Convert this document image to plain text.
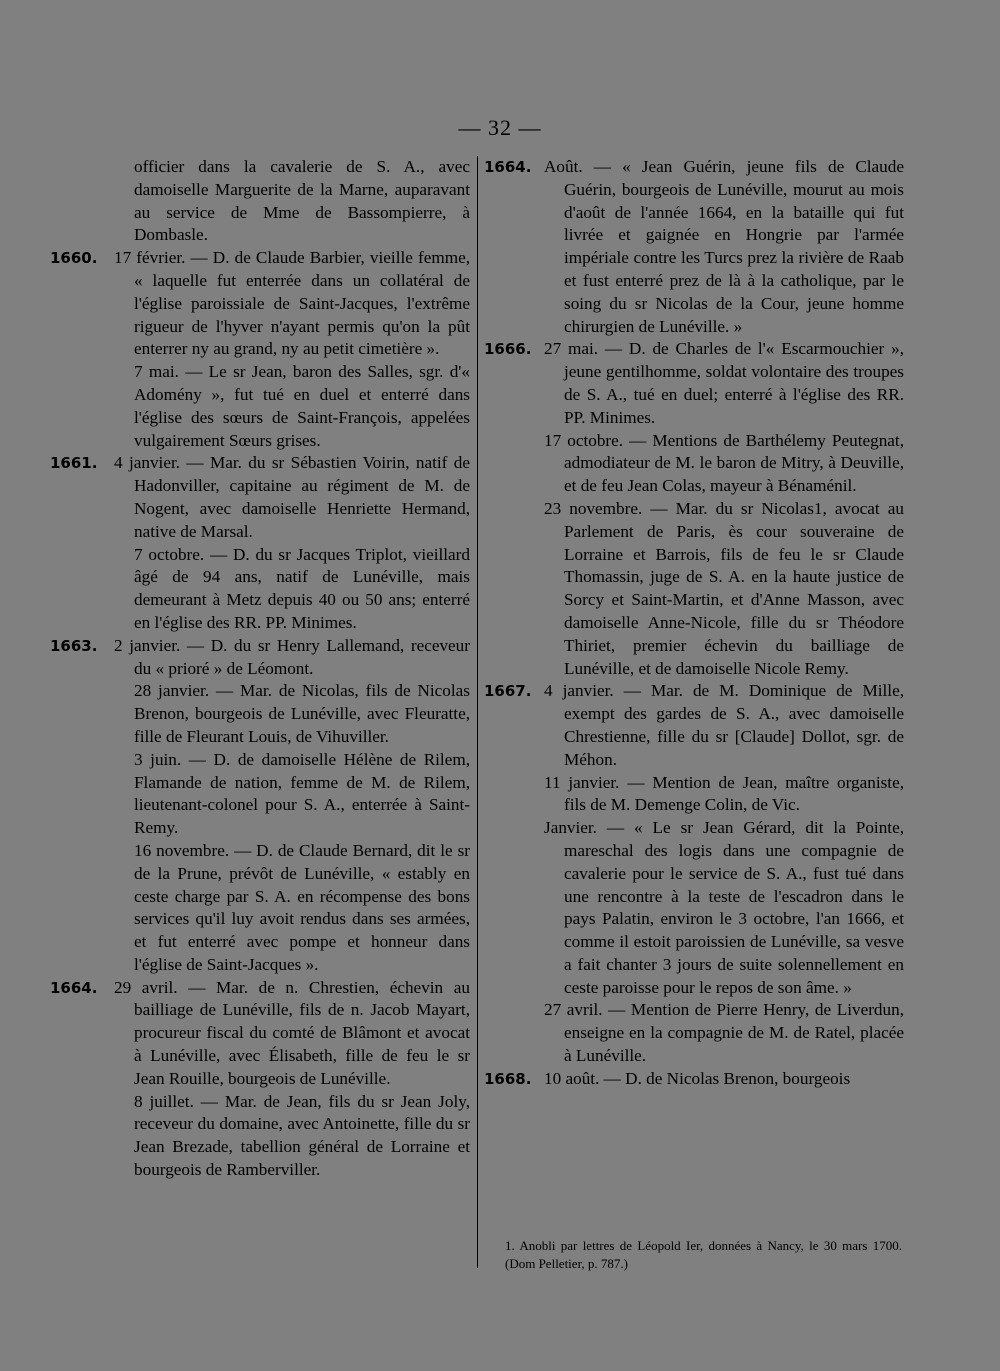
— 32 —
officier dans la cavalerie de S. A., avec damoiselle Marguerite de la Marne, auparavant au service de Mme de Bassompierre, à Dombasle.
1660. 17 février. — D. de Claude Barbier, vieille femme, « laquelle fut enterrée dans un collatéral de l'église paroissiale de Saint-Jacques, l'extrême rigueur de l'hyver n'ayant permis qu'on la pût enterrer ny au grand, ny au petit cimetière ».
7 mai. — Le sr Jean, baron des Salles, sgr. d'« Adomény », fut tué en duel et enterré dans l'église des sœurs de Saint-François, appelées vulgairement Sœurs grises.
1661. 4 janvier. — Mar. du sr Sébastien Voirin, natif de Hadonviller, capitaine au régiment de M. de Nogent, avec damoiselle Henriette Hermand, native de Marsal.
7 octobre. — D. du sr Jacques Triplot, vieillard âgé de 94 ans, natif de Lunéville, mais demeurant à Metz depuis 40 ou 50 ans; enterré en l'église des RR. PP. Minimes.
1663. 2 janvier. — D. du sr Henry Lallemand, receveur du « prioré » de Léomont.
28 janvier. — Mar. de Nicolas, fils de Nicolas Brenon, bourgeois de Lunéville, avec Fleuratte, fille de Fleurant Louis, de Vihuviller.
3 juin. — D. de damoiselle Hélène de Rilem, Flamande de nation, femme de M. de Rilem, lieutenant-colonel pour S. A., enterrée à Saint-Remy.
16 novembre. — D. de Claude Bernard, dit le sr de la Prune, prévôt de Lunéville, « estably en ceste charge par S. A. en récompense des bons services qu'il luy avoit rendus dans ses armées, et fut enterré avec pompe et honneur dans l'église de Saint-Jacques ».
1664. 29 avril. — Mar. de n. Chrestien, échevin au bailliage de Lunéville, fils de n. Jacob Mayart, procureur fiscal du comté de Blâmont et avocat à Lunéville, avec Élisabeth, fille de feu le sr Jean Rouille, bourgeois de Lunéville.
8 juillet. — Mar. de Jean, fils du sr Jean Joly, receveur du domaine, avec Antoinette, fille du sr Jean Brezade, tabellion général de Lorraine et bourgeois de Ramberviller.
1664. Août. — « Jean Guérin, jeune fils de Claude Guérin, bourgeois de Lunéville, mourut au mois d'août de l'année 1664, en la bataille qui fut livrée et gaignée en Hongrie par l'armée impériale contre les Turcs prez la rivière de Raab et fust enterré prez de là à la catholique, par le soing du sr Nicolas de la Cour, jeune homme chirurgien de Lunéville. »
1666. 27 mai. — D. de Charles de l'« Escarmouchier », jeune gentilhomme, soldat volontaire des troupes de S. A., tué en duel; enterré à l'église des RR. PP. Minimes.
17 octobre. — Mentions de Barthélemy Peutegnat, admodiateur de M. le baron de Mitry, à Deuville, et de feu Jean Colas, mayeur à Bénaménil.
23 novembre. — Mar. du sr Nicolas1, avocat au Parlement de Paris, ès cour souveraine de Lorraine et Barrois, fils de feu le sr Claude Thomassin, juge de S. A. en la haute justice de Sorcy et Saint-Martin, et d'Anne Masson, avec damoiselle Anne-Nicole, fille du sr Théodore Thiriet, premier échevin du bailliage de Lunéville, et de damoiselle Nicole Remy.
1667. 4 janvier. — Mar. de M. Dominique de Mille, exempt des gardes de S. A., avec damoiselle Chrestienne, fille du sr [Claude] Dollot, sgr. de Méhon.
11 janvier. — Mention de Jean, maître organiste, fils de M. Demenge Colin, de Vic.
Janvier. — « Le sr Jean Gérard, dit la Pointe, mareschal des logis dans une compagnie de cavalerie pour le service de S. A., fust tué dans une rencontre à la teste de l'escadron dans le pays Palatin, environ le 3 octobre, l'an 1666, et comme il estoit paroissien de Lunéville, sa vesve a fait chanter 3 jours de suite solennellement en ceste paroisse pour le repos de son âme. »
27 avril. — Mention de Pierre Henry, de Liverdun, enseigne en la compagnie de M. de Ratel, placée à Lunéville.
1668. 10 août. — D. de Nicolas Brenon, bourgeois
1. Anobli par lettres de Léopold Ier, données à Nancy, le 30 mars 1700. (Dom Pelletier, p. 787.)
